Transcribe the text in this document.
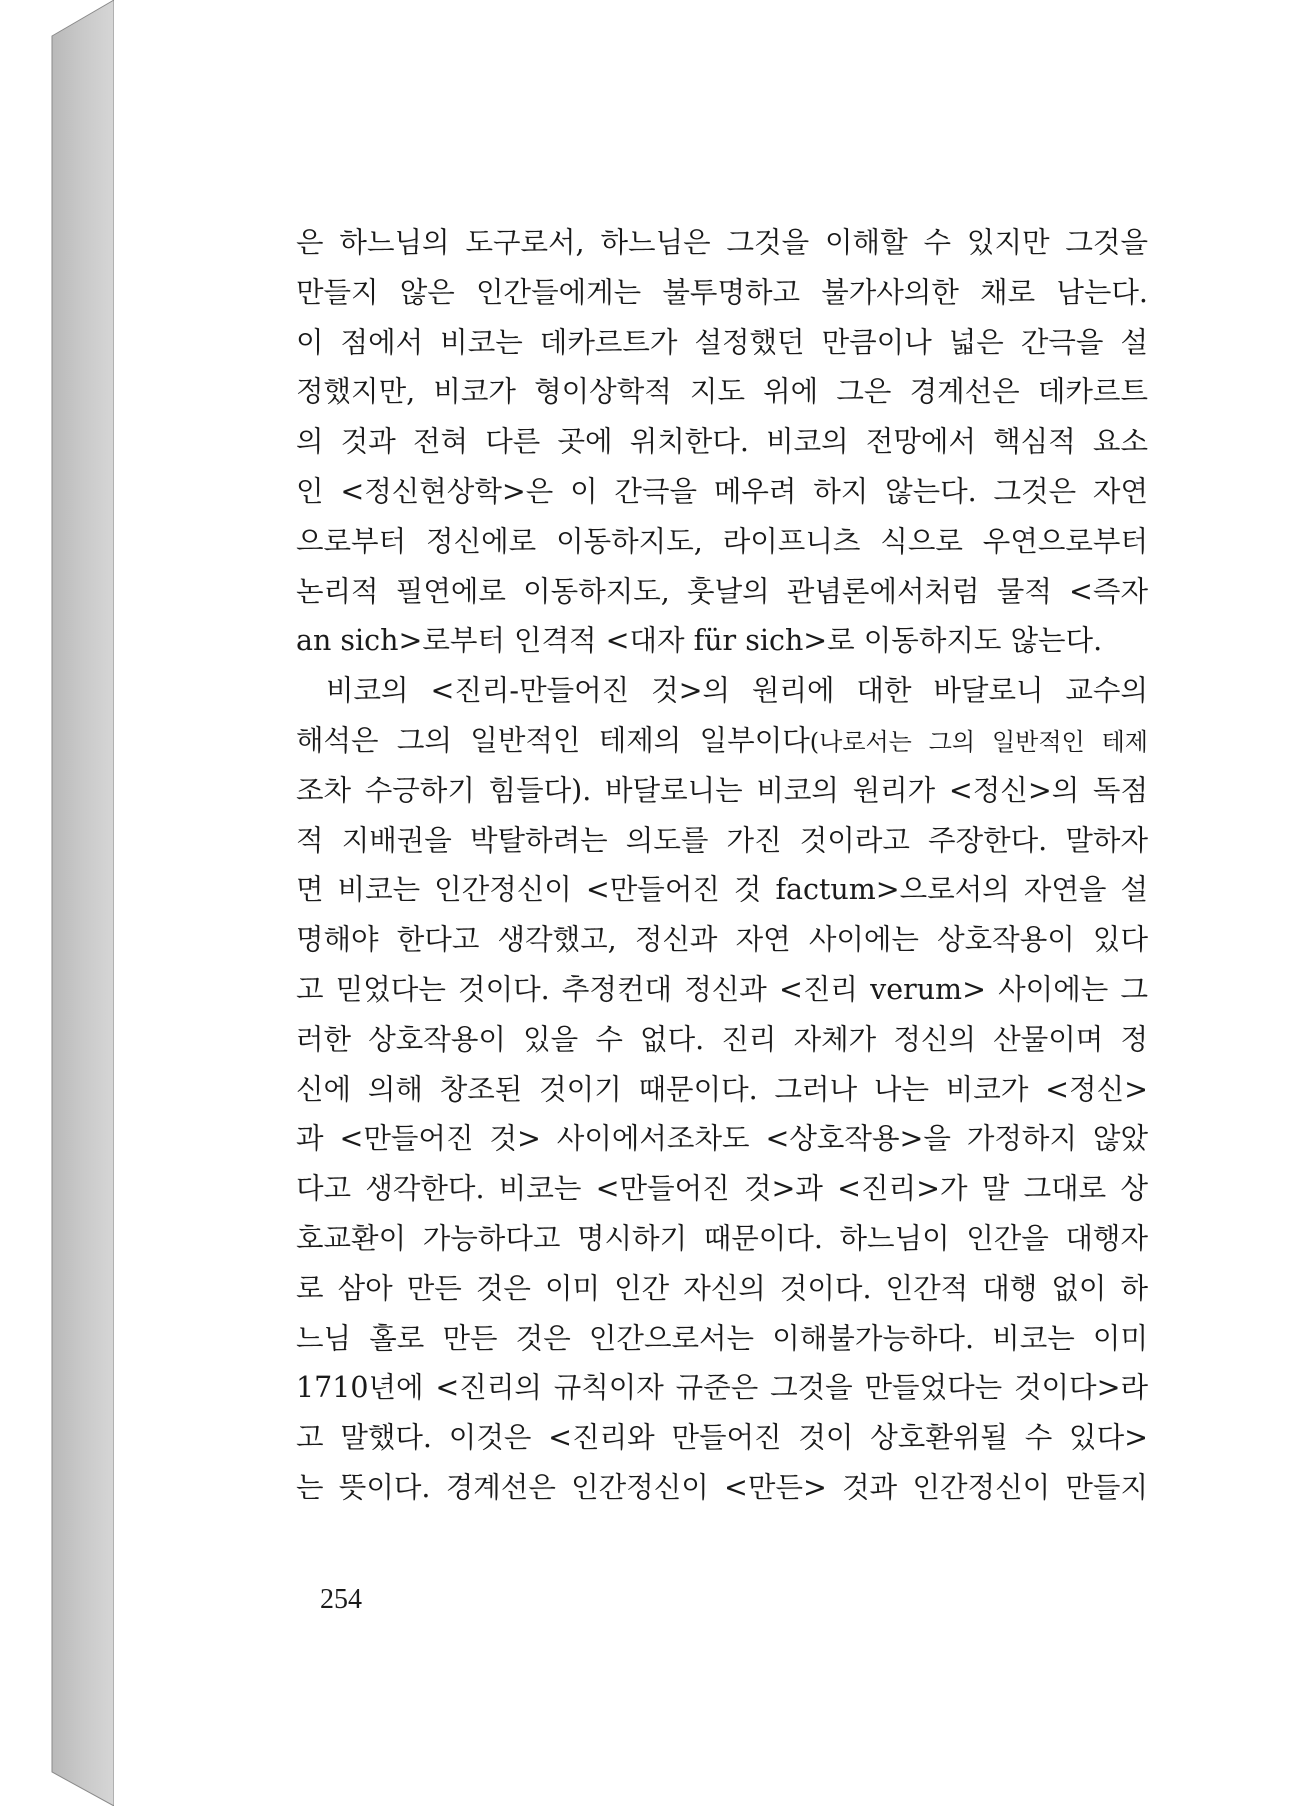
은 하느님의 도구로서, 하느님은 그것을 이해할 수 있지만 그것을
만들지 않은 인간들에게는 불투명하고 불가사의한 채로 남는다.
이 점에서 비코는 데카르트가 설정했던 만큼이나 넓은 간극을 설
정했지만, 비코가 형이상학적 지도 위에 그은 경계선은 데카르트
의 것과 전혀 다른 곳에 위치한다. 비코의 전망에서 핵심적 요소
인 <정신현상학>은 이 간극을 메우려 하지 않는다. 그것은 자연
으로부터 정신에로 이동하지도, 라이프니츠 식으로 우연으로부터
논리적 필연에로 이동하지도, 훗날의 관념론에서처럼 물적 <즉자
an sich>로부터 인격적 <대자 für sich>로 이동하지도 않는다.
비코의 <진리-만들어진 것>의 원리에 대한 바달로니 교수의
해석은 그의 일반적인 테제의 일부이다(나로서는 그의 일반적인 테제
조차 수긍하기 힘들다). 바달로니는 비코의 원리가 <정신>의 독점
적 지배권을 박탈하려는 의도를 가진 것이라고 주장한다. 말하자
면 비코는 인간정신이 <만들어진 것 factum>으로서의 자연을 설
명해야 한다고 생각했고, 정신과 자연 사이에는 상호작용이 있다
고 믿었다는 것이다. 추정컨대 정신과 <진리 verum> 사이에는 그
러한 상호작용이 있을 수 없다. 진리 자체가 정신의 산물이며 정
신에 의해 창조된 것이기 때문이다. 그러나 나는 비코가 <정신>
과 <만들어진 것> 사이에서조차도 <상호작용>을 가정하지 않았
다고 생각한다. 비코는 <만들어진 것>과 <진리>가 말 그대로 상
호교환이 가능하다고 명시하기 때문이다. 하느님이 인간을 대행자
로 삼아 만든 것은 이미 인간 자신의 것이다. 인간적 대행 없이 하
느님 홀로 만든 것은 인간으로서는 이해불가능하다. 비코는 이미
1710년에 <진리의 규칙이자 규준은 그것을 만들었다는 것이다>라
고 말했다. 이것은 <진리와 만들어진 것이 상호환위될 수 있다>
는 뜻이다. 경계선은 인간정신이 <만든> 것과 인간정신이 만들지
254
